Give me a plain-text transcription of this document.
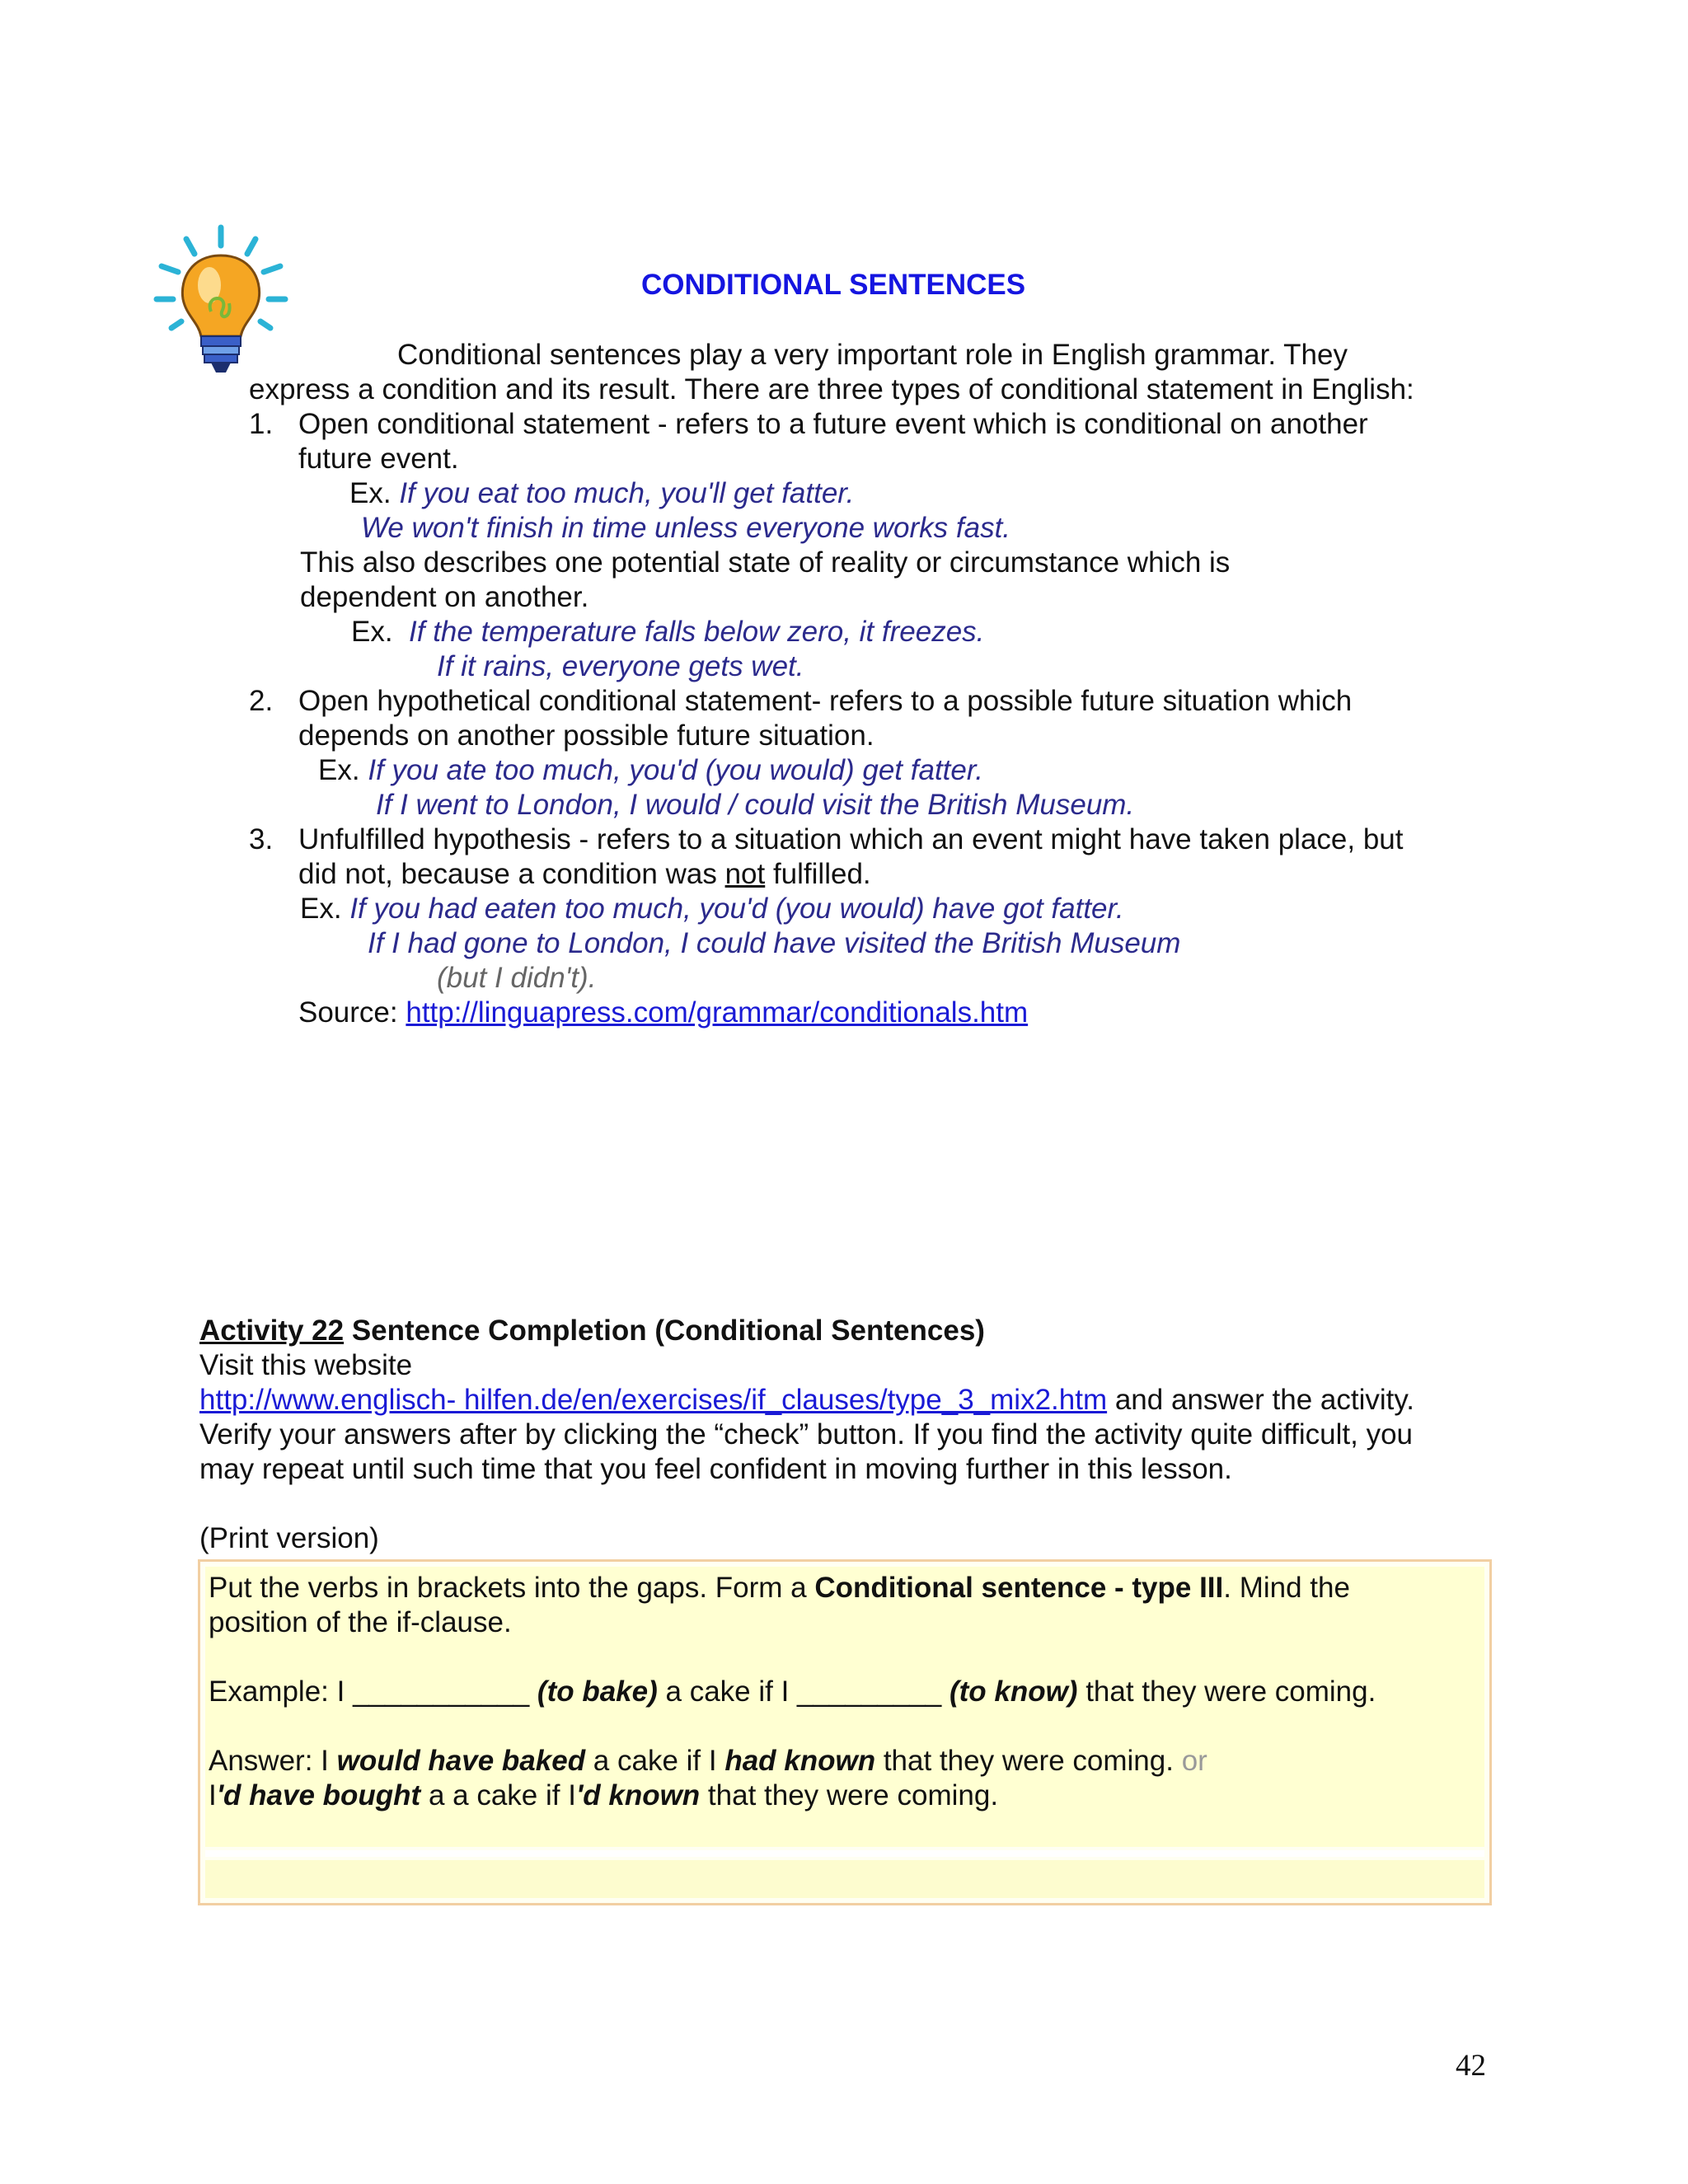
CONDITIONAL SENTENCES
Conditional sentences play a very important role in English grammar. They
express a condition and its result. There are three types of conditional statement in English:
1. Open conditional statement - refers to a future event which is conditional on another
future event.
Ex. If you eat too much, you'll get fatter.
We won't finish in time unless everyone works fast.
This also describes one potential state of reality or circumstance which is
dependent on another.
Ex. If the temperature falls below zero, it freezes.
If it rains, everyone gets wet.
2. Open hypothetical conditional statement- refers to a possible future situation which
depends on another possible future situation.
Ex. If you ate too much, you'd (you would) get fatter.
If I went to London, I would / could visit the British Museum.
3. Unfulfilled hypothesis - refers to a situation which an event might have taken place, but
did not, because a condition was not fulfilled.
Ex. If you had eaten too much, you'd (you would) have got fatter.
If I had gone to London, I could have visited the British Museum
(but I didn't).
Source: http://linguapress.com/grammar/conditionals.htm
Activity 22 Sentence Completion (Conditional Sentences)
Visit this website
http://www.englisch- hilfen.de/en/exercises/if_clauses/type_3_mix2.htm and answer the activity.
Verify your answers after by clicking the “check” button. If you find the activity quite difficult, you
may repeat until such time that you feel confident in moving further in this lesson.
(Print version)
Put the verbs in brackets into the gaps. Form a Conditional sentence - type III. Mind the
position of the if-clause.
Example: I ___________ (to bake) a cake if I _________ (to know) that they were coming.
Answer: I would have baked a cake if I had known that they were coming. or
I'd have bought a a cake if I'd known that they were coming.
42
